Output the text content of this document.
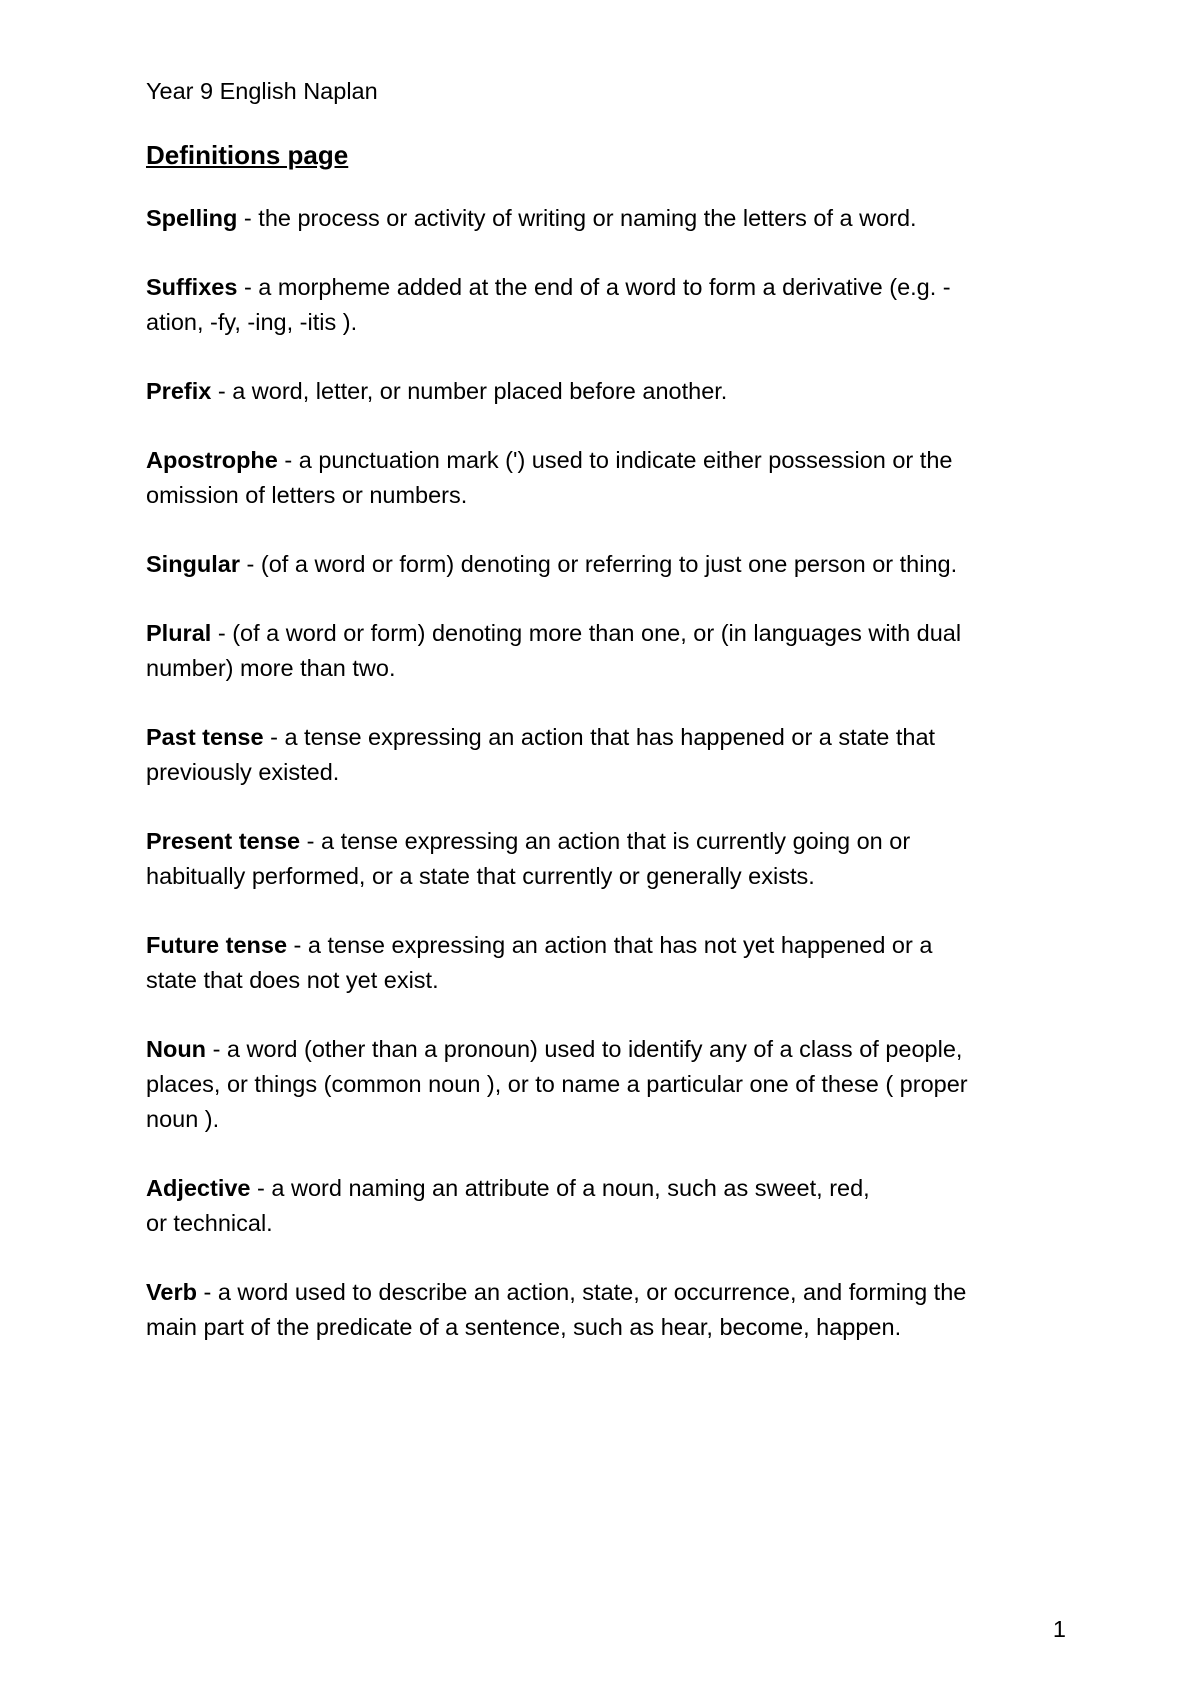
Year 9 English Naplan

Definitions page

Spelling - the process or activity of writing or naming the letters of a word.

Suffixes - a morpheme added at the end of a word to form a derivative (e.g. -
ation, -fy, -ing, -itis ).

Prefix - a word, letter, or number placed before another.

Apostrophe - a punctuation mark (') used to indicate either possession or the
omission of letters or numbers.

Singular - (of a word or form) denoting or referring to just one person or thing.

Plural - (of a word or form) denoting more than one, or (in languages with dual
number) more than two.

Past tense - a tense expressing an action that has happened or a state that
previously existed.

Present tense - a tense expressing an action that is currently going on or
habitually performed, or a state that currently or generally exists.

Future tense - a tense expressing an action that has not yet happened or a
state that does not yet exist.

Noun - a word (other than a pronoun) used to identify any of a class of people,
places, or things (common noun ), or to name a particular one of these ( proper
noun ).

Adjective - a word naming an attribute of a noun, such as sweet, red,
or technical.

Verb - a word used to describe an action, state, or occurrence, and forming the
main part of the predicate of a sentence, such as hear, become, happen.

1
